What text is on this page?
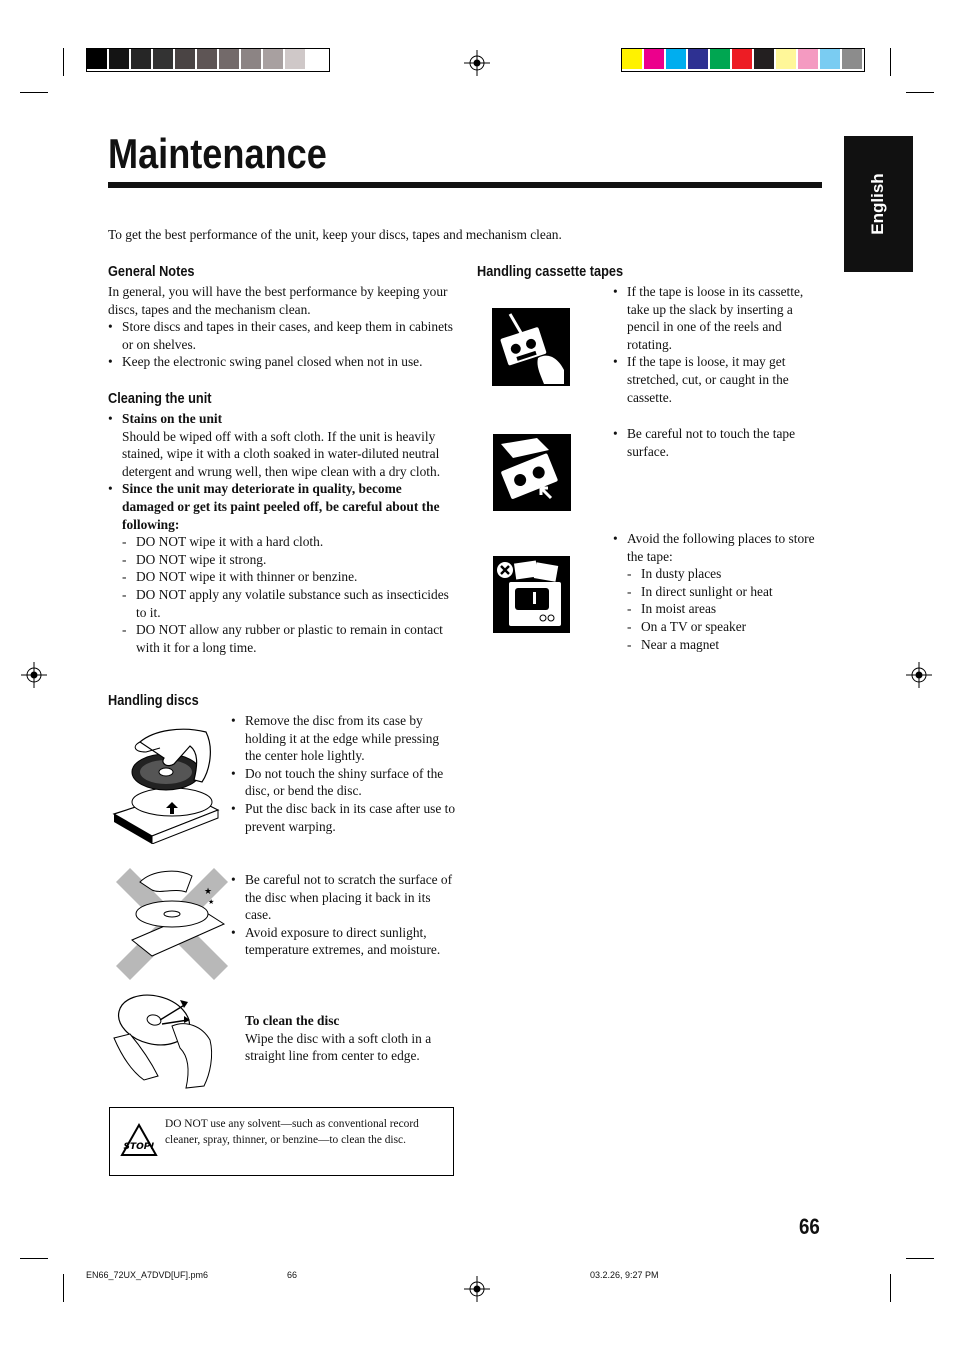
Maintenance
English
To get the best performance of the unit, keep your discs, tapes and mechanism clean.
General Notes

In general, you will have the best performance by keeping your discs, tapes and the mechanism clean.

• Store discs and tapes in their cases, and keep them in cabinets or on shelves.
• Keep the electronic swing panel closed when not in use.
Cleaning the unit
• Stains on the unit

Should be wiped off with a soft cloth. If the unit is heavily stained, wipe it with a cloth soaked in water-diluted neutral detergent and wrung well, then wipe clean with a dry cloth.

• Since the unit may deteriorate in quality, become damaged or get its paint peeled off, be careful about the following:
- DO NOT wipe it with a hard cloth.
- DO NOT wipe it strong.
- DO NOT wipe it with thinner or benzine.
- DO NOT apply any volatile substance such as insecticides to it.
- DO NOT allow any rubber or plastic to remain in contact with it for a long time.
Handling discs
• Remove the disc from its case by holding it at the edge while pressing the center hole lightly.
• Do not touch the shiny surface of the disc, or bend the disc.
• Put the disc back in its case after use to prevent warping.
★
★
• Be careful not to scratch the surface of the disc when placing it back in its case.
• Avoid exposure to direct sunlight, temperature extremes, and moisture.
To clean the disc

Wipe the disc with a soft cloth in a straight line from center to edge.

STOP!
DO NOT use any solvent—such as conventional record cleaner, spray, thinner, or benzine—to clean the disc.
Handling cassette tapes
• If the tape is loose in its cassette, take up the slack by inserting a pencil in one of the reels and rotating.
• If the tape is loose, it may get stretched, cut, or caught in the cassette.
• Be careful not to touch the tape surface.
• Avoid the following places to store the tape:
- In dusty places
- In direct sunlight or heat
- In moist areas
- On a TV or speaker
- Near a magnet
66
EN66_72UX_A7DVD[UF].pm6	66	03.2.26, 9:27 PM
